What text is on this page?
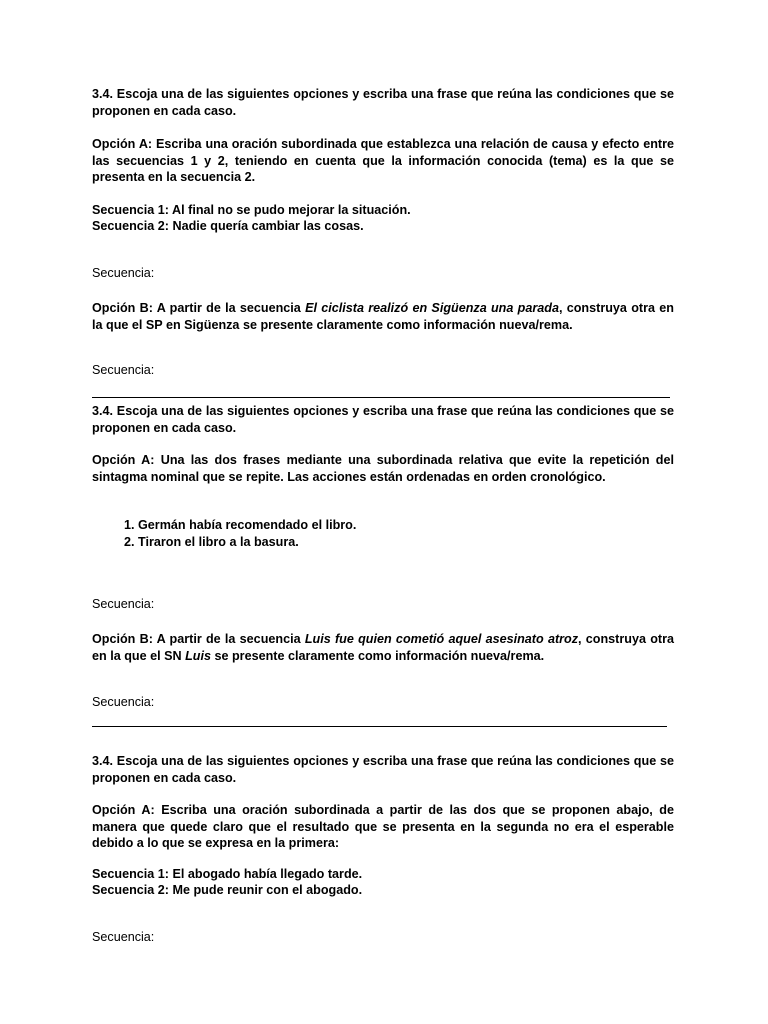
3.4. Escoja una de las siguientes opciones y escriba una frase que reúna las condiciones que se proponen en cada caso.

Opción A: Escriba una oración subordinada que establezca una relación de causa y efecto entre las secuencias 1 y 2, teniendo en cuenta que la información conocida (tema) es la que se presenta en la secuencia 2.

Secuencia 1: Al final no se pudo mejorar la situación.

Secuencia 2: Nadie quería cambiar las cosas.

Secuencia:

Opción B: A partir de la secuencia El ciclista realizó en Sigüenza una parada, construya otra en la que el SP en Sigüenza se presente claramente como información nueva/rema.

Secuencia:

3.4. Escoja una de las siguientes opciones y escriba una frase que reúna las condiciones que se proponen en cada caso.

Opción A: Una las dos frases mediante una subordinada relativa que evite la repetición del sintagma nominal que se repite. Las acciones están ordenadas en orden cronológico.

1. Germán había recomendado el libro.
2. Tiraron el libro a la basura.

Secuencia:

Opción B: A partir de la secuencia Luis fue quien cometió aquel asesinato atroz, construya otra en la que el SN Luis se presente claramente como información nueva/rema.

Secuencia:

3.4. Escoja una de las siguientes opciones y escriba una frase que reúna las condiciones que se proponen en cada caso.

Opción A: Escriba una oración subordinada a partir de las dos que se proponen abajo, de manera que quede claro que el resultado que se presenta en la segunda no era el esperable debido a lo que se expresa en la primera:

Secuencia 1: El abogado había llegado tarde.

Secuencia 2: Me pude reunir con el abogado.

Secuencia:
